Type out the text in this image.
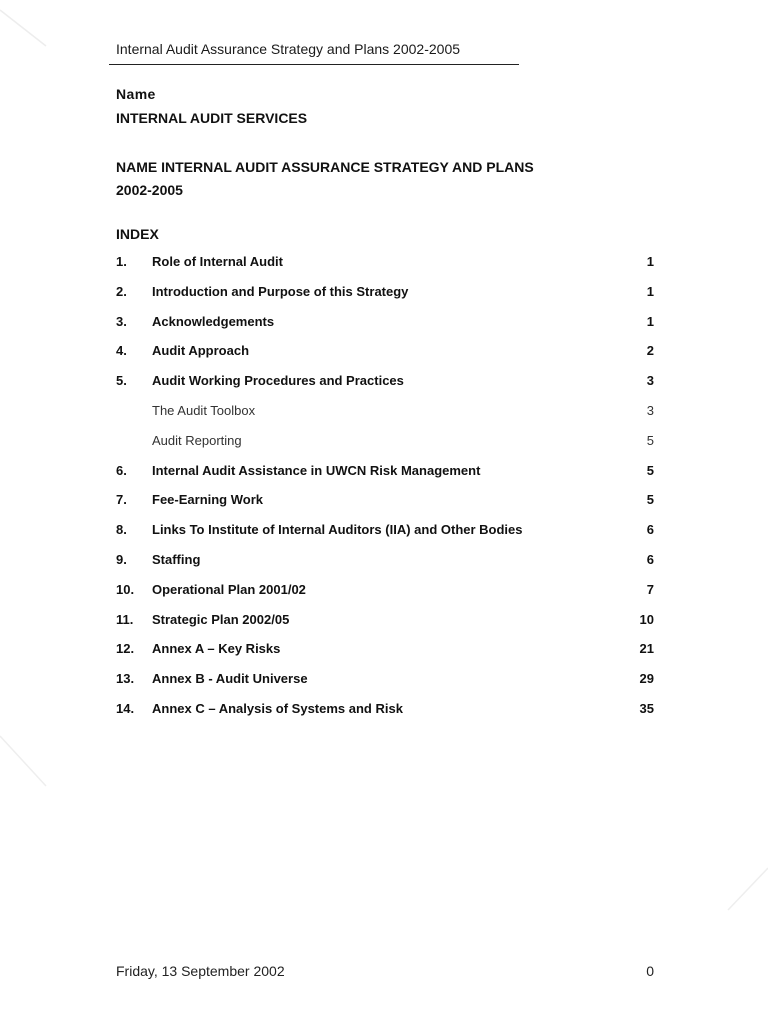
Internal Audit Assurance Strategy and Plans 2002-2005
Name
INTERNAL AUDIT SERVICES
NAME INTERNAL AUDIT ASSURANCE STRATEGY AND PLANS
2002-2005
INDEX
1. Role of Internal Audit	1
2. Introduction and Purpose of this Strategy	1
3. Acknowledgements	1
4. Audit Approach	2
5. Audit Working Procedures and Practices	3
The Audit Toolbox	3
Audit Reporting	5
6. Internal Audit Assistance in UWCN Risk Management	5
7. Fee-Earning Work	5
8. Links To Institute of Internal Auditors (IIA) and Other Bodies	6
9. Staffing	6
10. Operational Plan 2001/02	7
11. Strategic Plan 2002/05	10
12. Annex A – Key Risks	21
13. Annex B - Audit Universe	29
14. Annex C – Analysis of Systems and Risk	35
Friday, 13 September 2002	0
